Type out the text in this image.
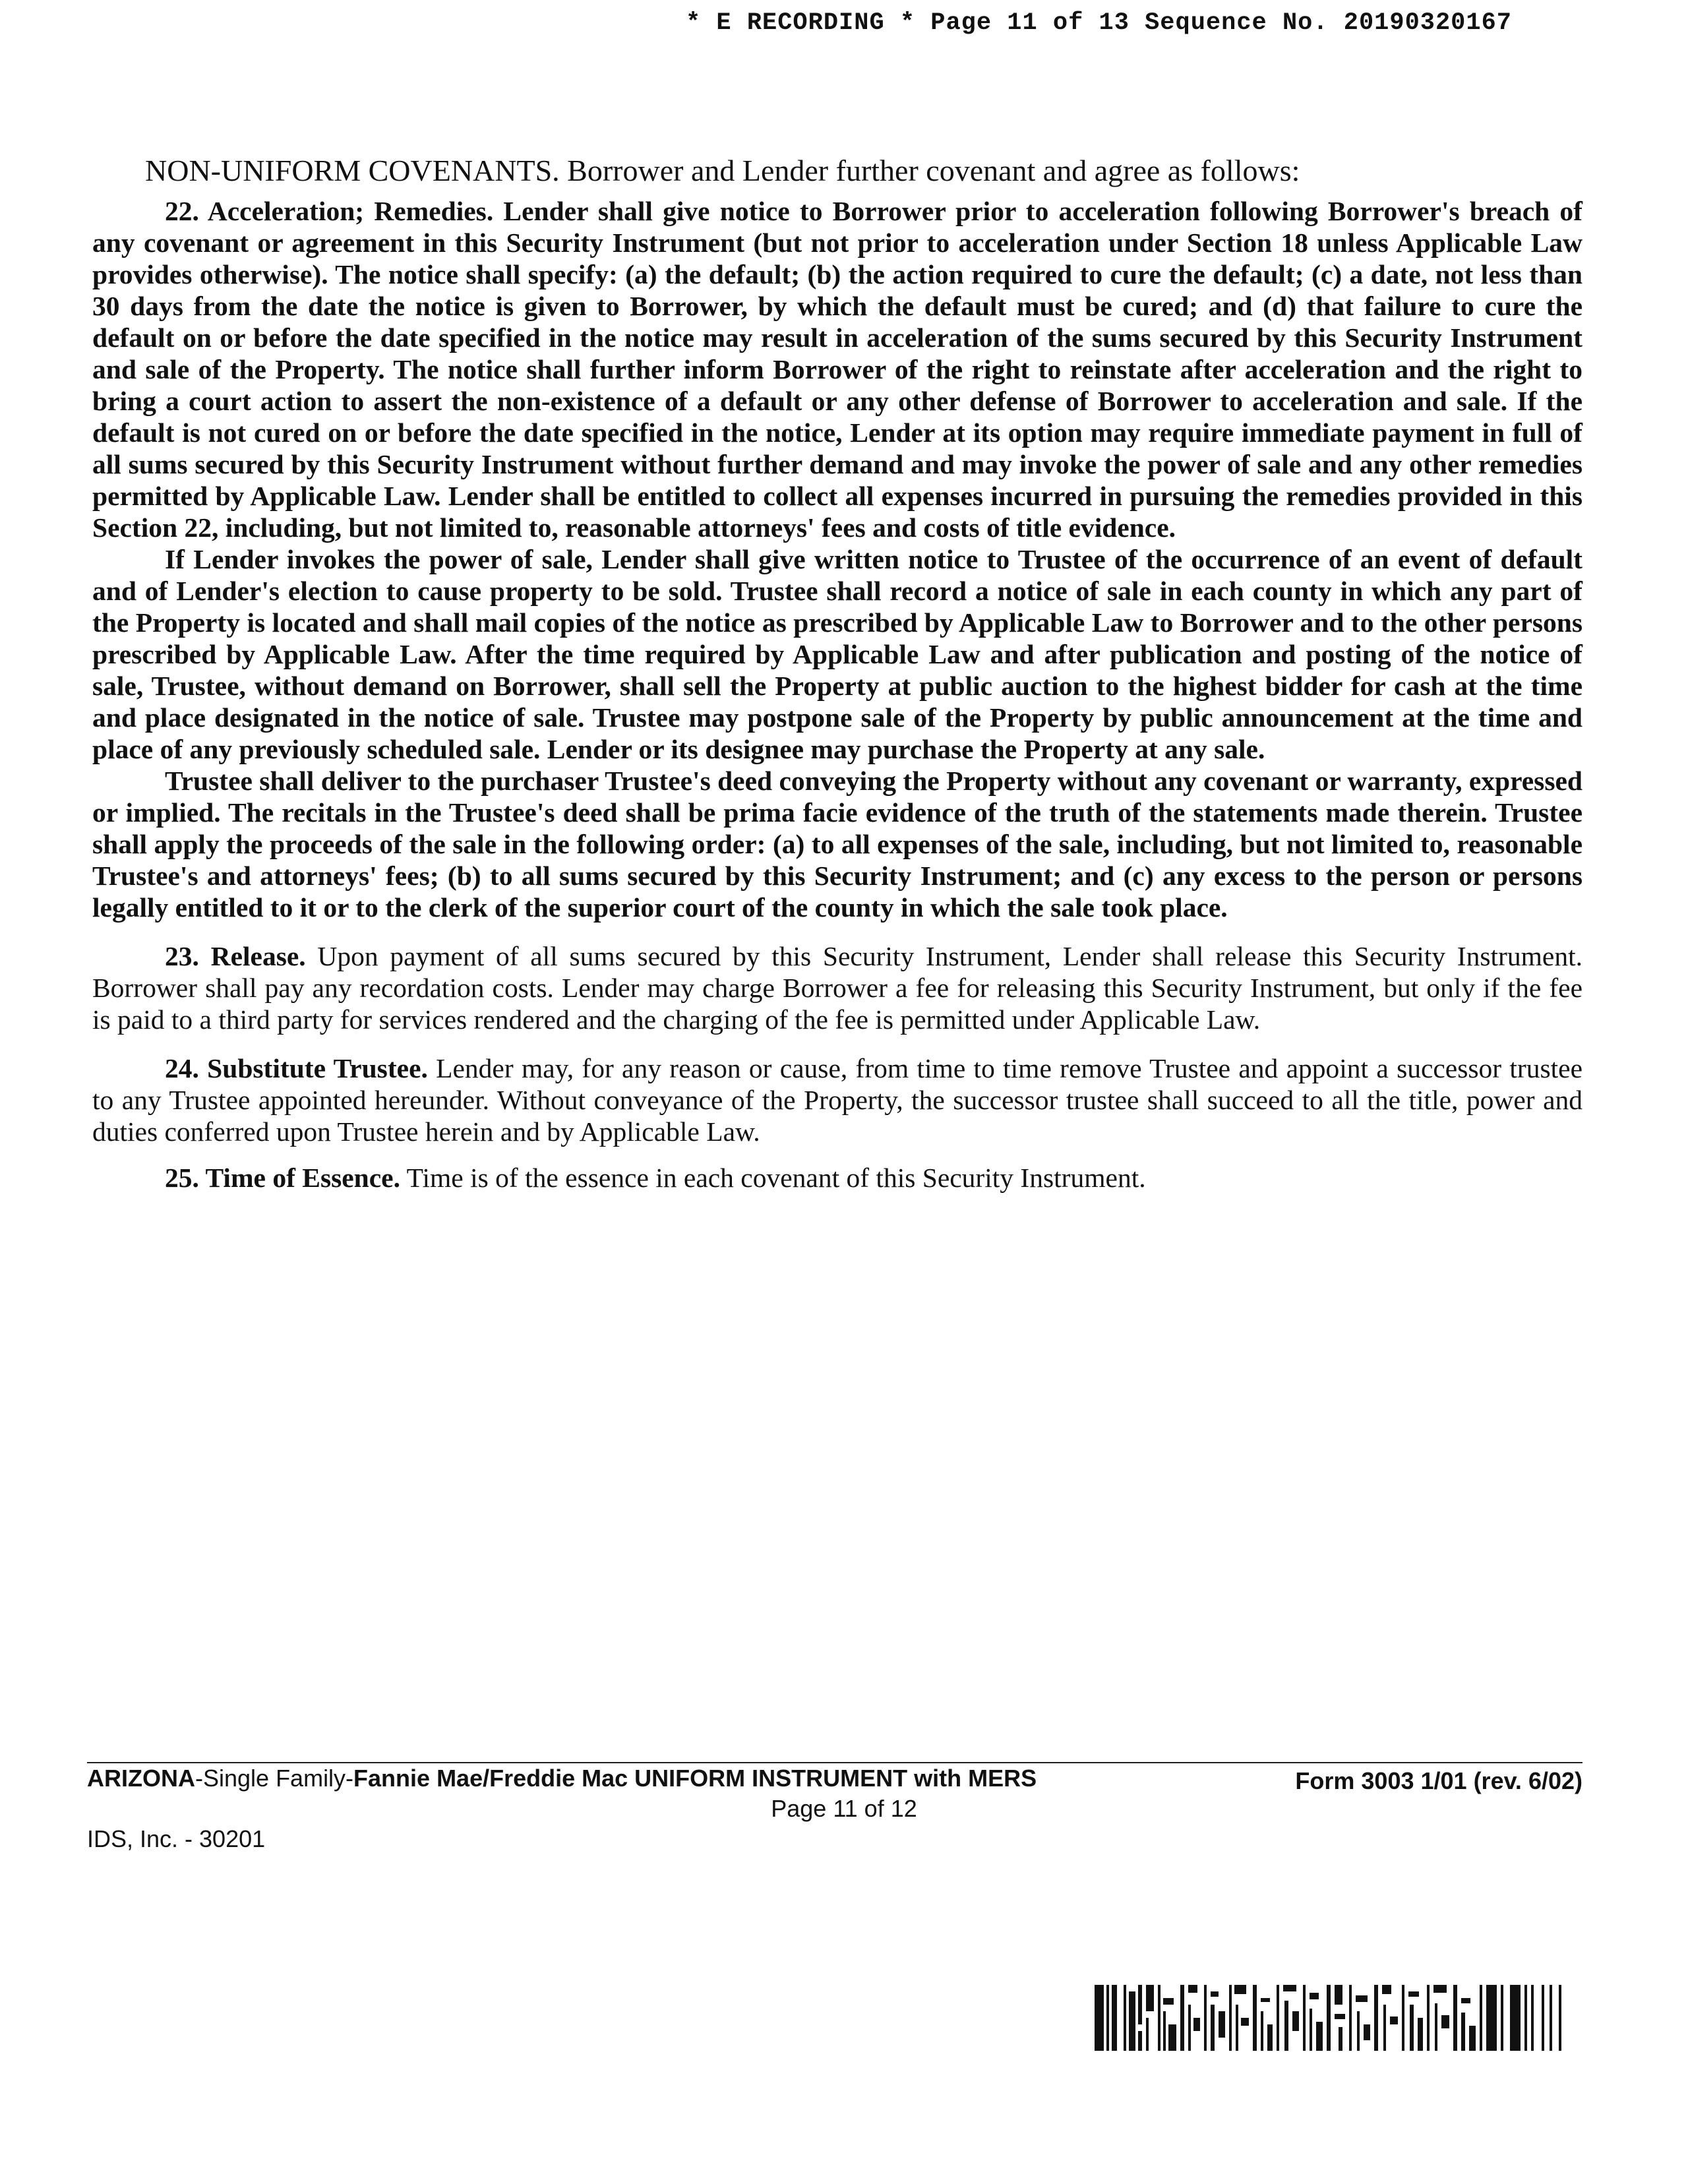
* E RECORDING * Page 11 of 13 Sequence No. 20190320167

NON-UNIFORM COVENANTS. Borrower and Lender further covenant and agree as follows:

22. Acceleration; Remedies. Lender shall give notice to Borrower prior to acceleration following Borrower's breach of any covenant or agreement in this Security Instrument (but not prior to acceleration under Section 18 unless Applicable Law provides otherwise). The notice shall specify: (a) the default; (b) the action required to cure the default; (c) a date, not less than 30 days from the date the notice is given to Borrower, by which the default must be cured; and (d) that failure to cure the default on or before the date specified in the notice may result in acceleration of the sums secured by this Security Instrument and sale of the Property. The notice shall further inform Borrower of the right to reinstate after acceleration and the right to bring a court action to assert the non-existence of a default or any other defense of Borrower to acceleration and sale. If the default is not cured on or before the date specified in the notice, Lender at its option may require immediate payment in full of all sums secured by this Security Instrument without further demand and may invoke the power of sale and any other remedies permitted by Applicable Law. Lender shall be entitled to collect all expenses incurred in pursuing the remedies provided in this Section 22, including, but not limited to, reasonable attorneys' fees and costs of title evidence.

If Lender invokes the power of sale, Lender shall give written notice to Trustee of the occurrence of an event of default and of Lender's election to cause property to be sold. Trustee shall record a notice of sale in each county in which any part of the Property is located and shall mail copies of the notice as prescribed by Applicable Law to Borrower and to the other persons prescribed by Applicable Law. After the time required by Applicable Law and after publication and posting of the notice of sale, Trustee, without demand on Borrower, shall sell the Property at public auction to the highest bidder for cash at the time and place designated in the notice of sale. Trustee may postpone sale of the Property by public announcement at the time and place of any previously scheduled sale. Lender or its designee may purchase the Property at any sale.

Trustee shall deliver to the purchaser Trustee's deed conveying the Property without any covenant or warranty, expressed or implied. The recitals in the Trustee's deed shall be prima facie evidence of the truth of the statements made therein. Trustee shall apply the proceeds of the sale in the following order: (a) to all expenses of the sale, including, but not limited to, reasonable Trustee's and attorneys' fees; (b) to all sums secured by this Security Instrument; and (c) any excess to the person or persons legally entitled to it or to the clerk of the superior court of the county in which the sale took place.

23. Release. Upon payment of all sums secured by this Security Instrument, Lender shall release this Security Instrument. Borrower shall pay any recordation costs. Lender may charge Borrower a fee for releasing this Security Instrument, but only if the fee is paid to a third party for services rendered and the charging of the fee is permitted under Applicable Law.

24. Substitute Trustee. Lender may, for any reason or cause, from time to time remove Trustee and appoint a successor trustee to any Trustee appointed hereunder. Without conveyance of the Property, the successor trustee shall succeed to all the title, power and duties conferred upon Trustee herein and by Applicable Law.

25. Time of Essence. Time is of the essence in each covenant of this Security Instrument.

ARIZONA-Single Family-Fannie Mae/Freddie Mac UNIFORM INSTRUMENT with MERS	Form 3003 1/01 (rev. 6/02)
Page 11 of 12
IDS, Inc. - 30201
